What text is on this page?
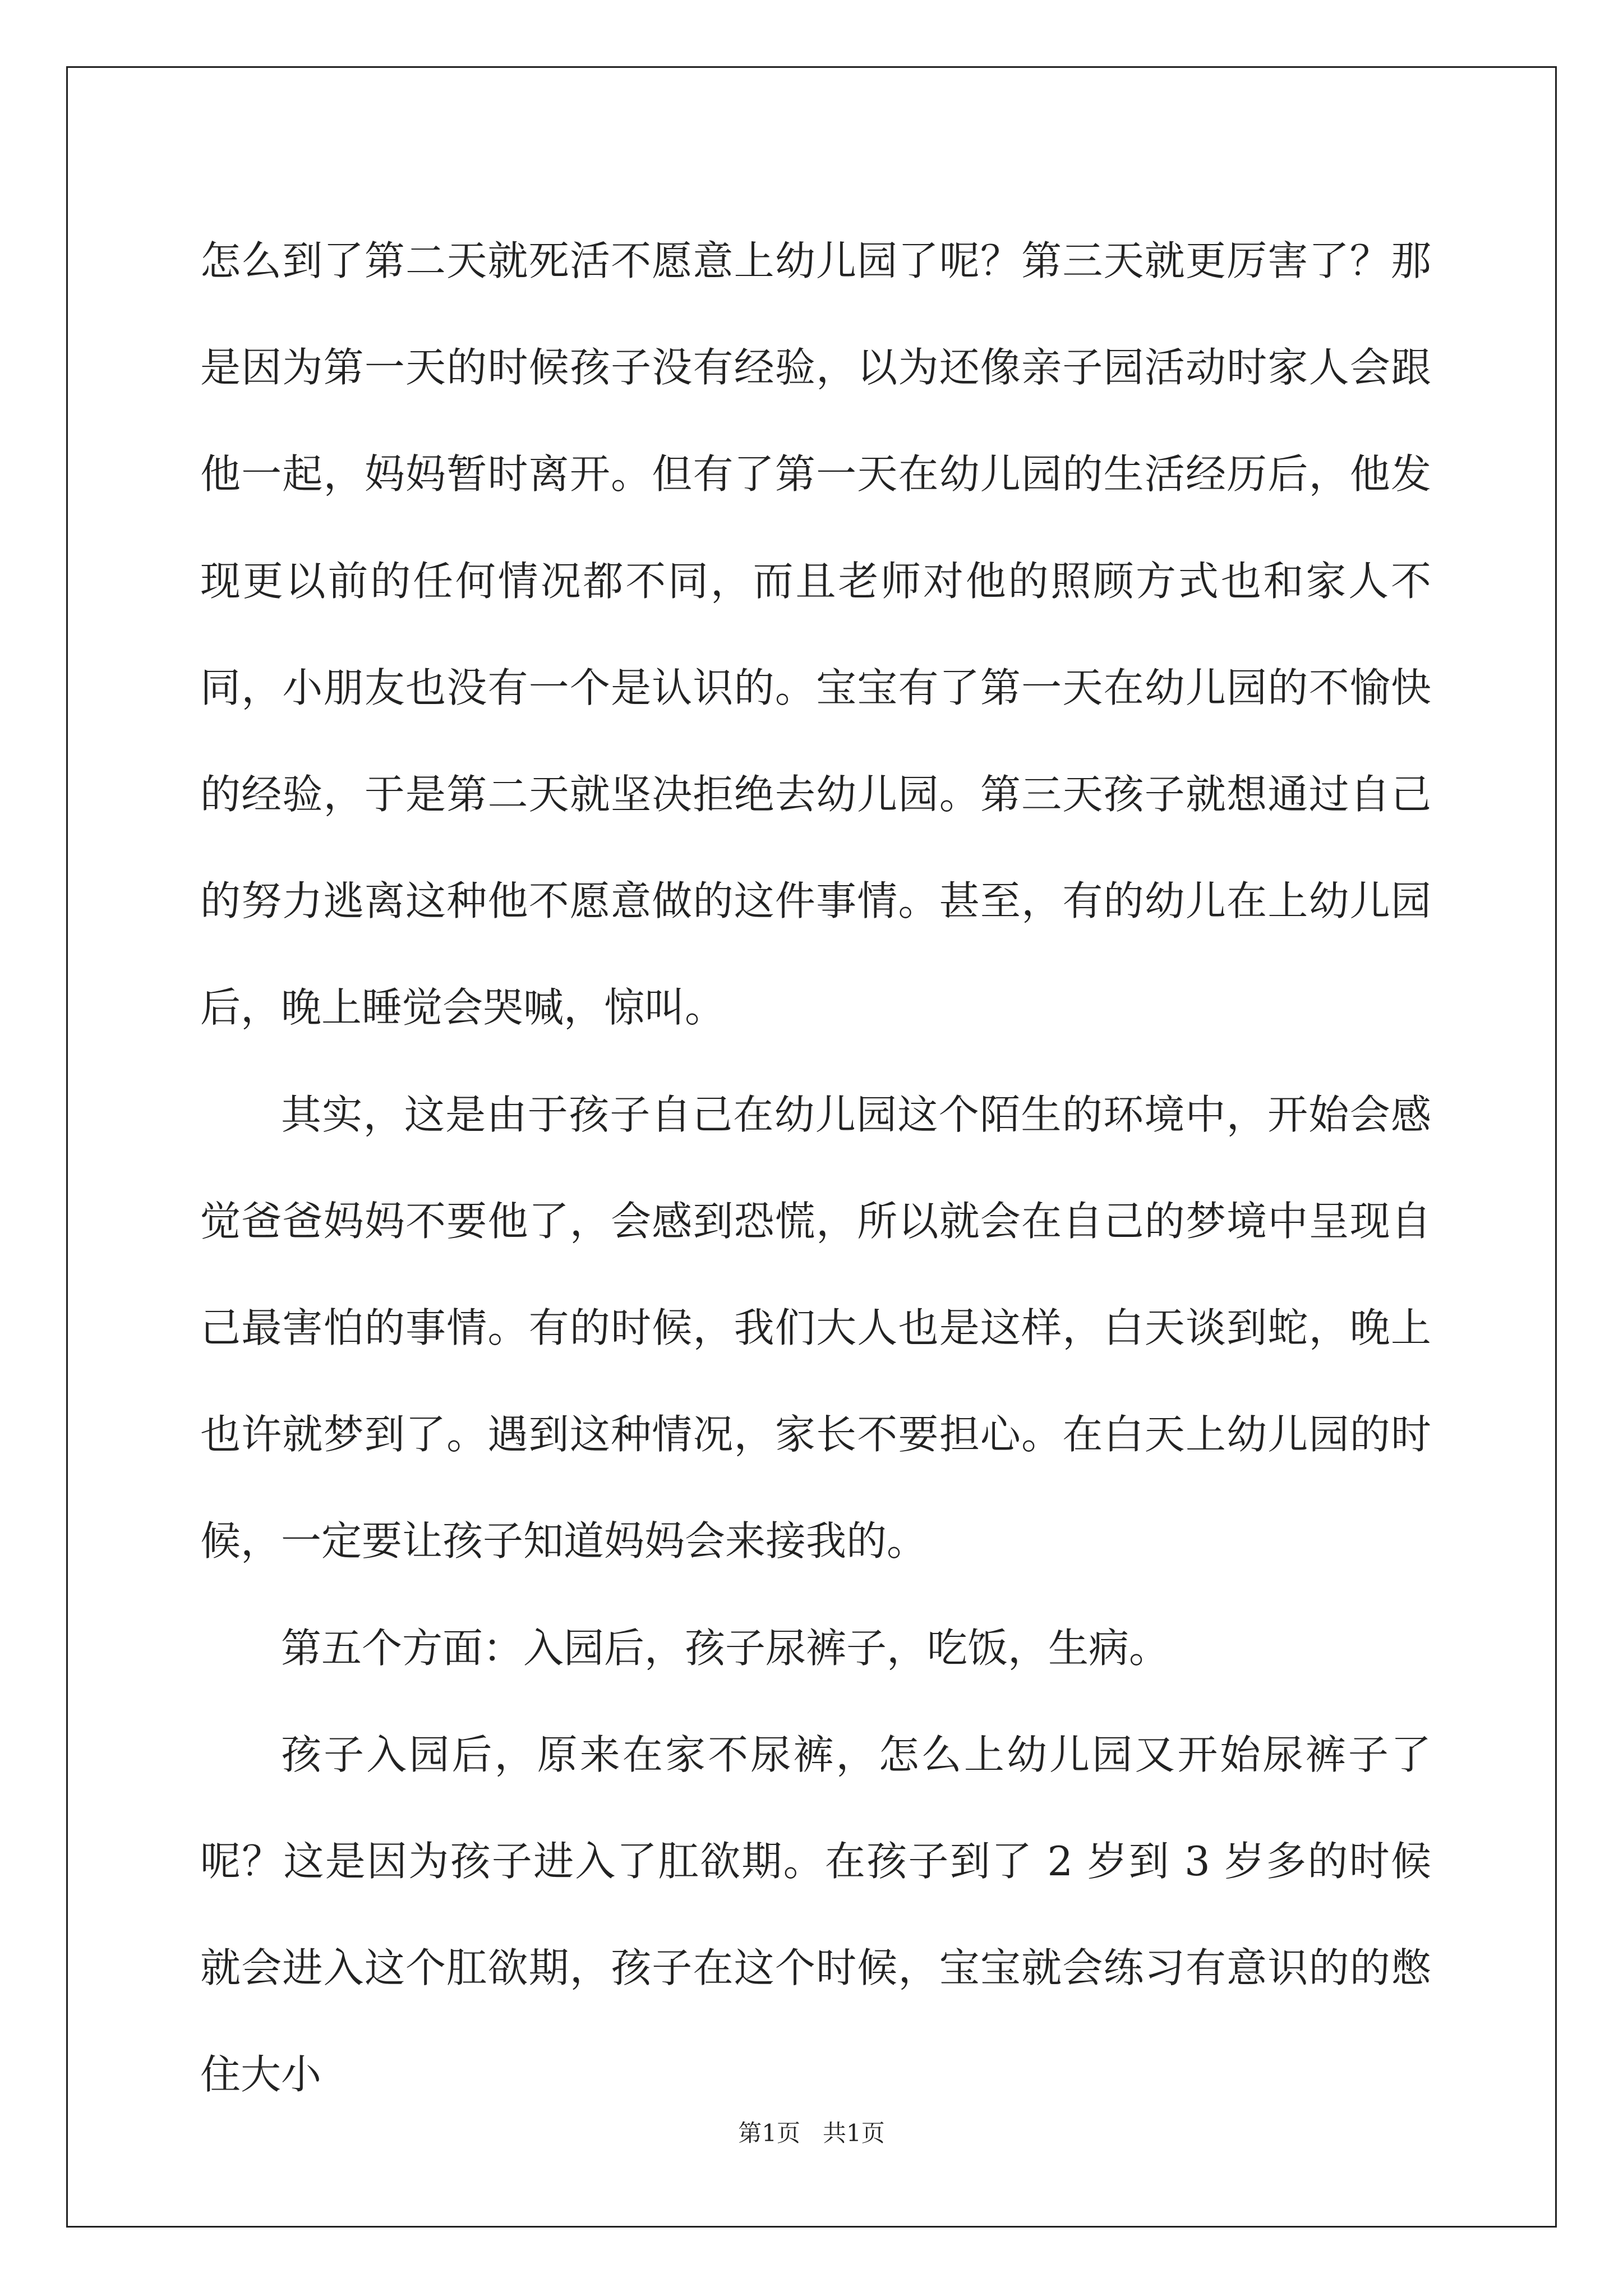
怎么到了第二天就死活不愿意上幼儿园了呢？第三天就更厉害了？那是因为第一天的时候孩子没有经验，以为还像亲子园活动时家人会跟他一起，妈妈暂时离开。但有了第一天在幼儿园的生活经历后，他发现更以前的任何情况都不同，而且老师对他的照顾方式也和家人不同，小朋友也没有一个是认识的。宝宝有了第一天在幼儿园的不愉快的经验，于是第二天就坚决拒绝去幼儿园。第三天孩子就想通过自己的努力逃离这种他不愿意做的这件事情。甚至，有的幼儿在上幼儿园后，晚上睡觉会哭喊，惊叫。

其实，这是由于孩子自己在幼儿园这个陌生的环境中，开始会感觉爸爸妈妈不要他了，会感到恐慌，所以就会在自己的梦境中呈现自己最害怕的事情。有的时候，我们大人也是这样，白天谈到蛇，晚上也许就梦到了。遇到这种情况，家长不要担心。在白天上幼儿园的时候，一定要让孩子知道妈妈会来接我的。

第五个方面：入园后，孩子尿裤子，吃饭，生病。

孩子入园后，原来在家不尿裤，怎么上幼儿园又开始尿裤子了呢？这是因为孩子进入了肛欲期。在孩子到了 2 岁到 3 岁多的时候就会进入这个肛欲期，孩子在这个时候，宝宝就会练习有意识的的憋住大小

第1页   共1页
